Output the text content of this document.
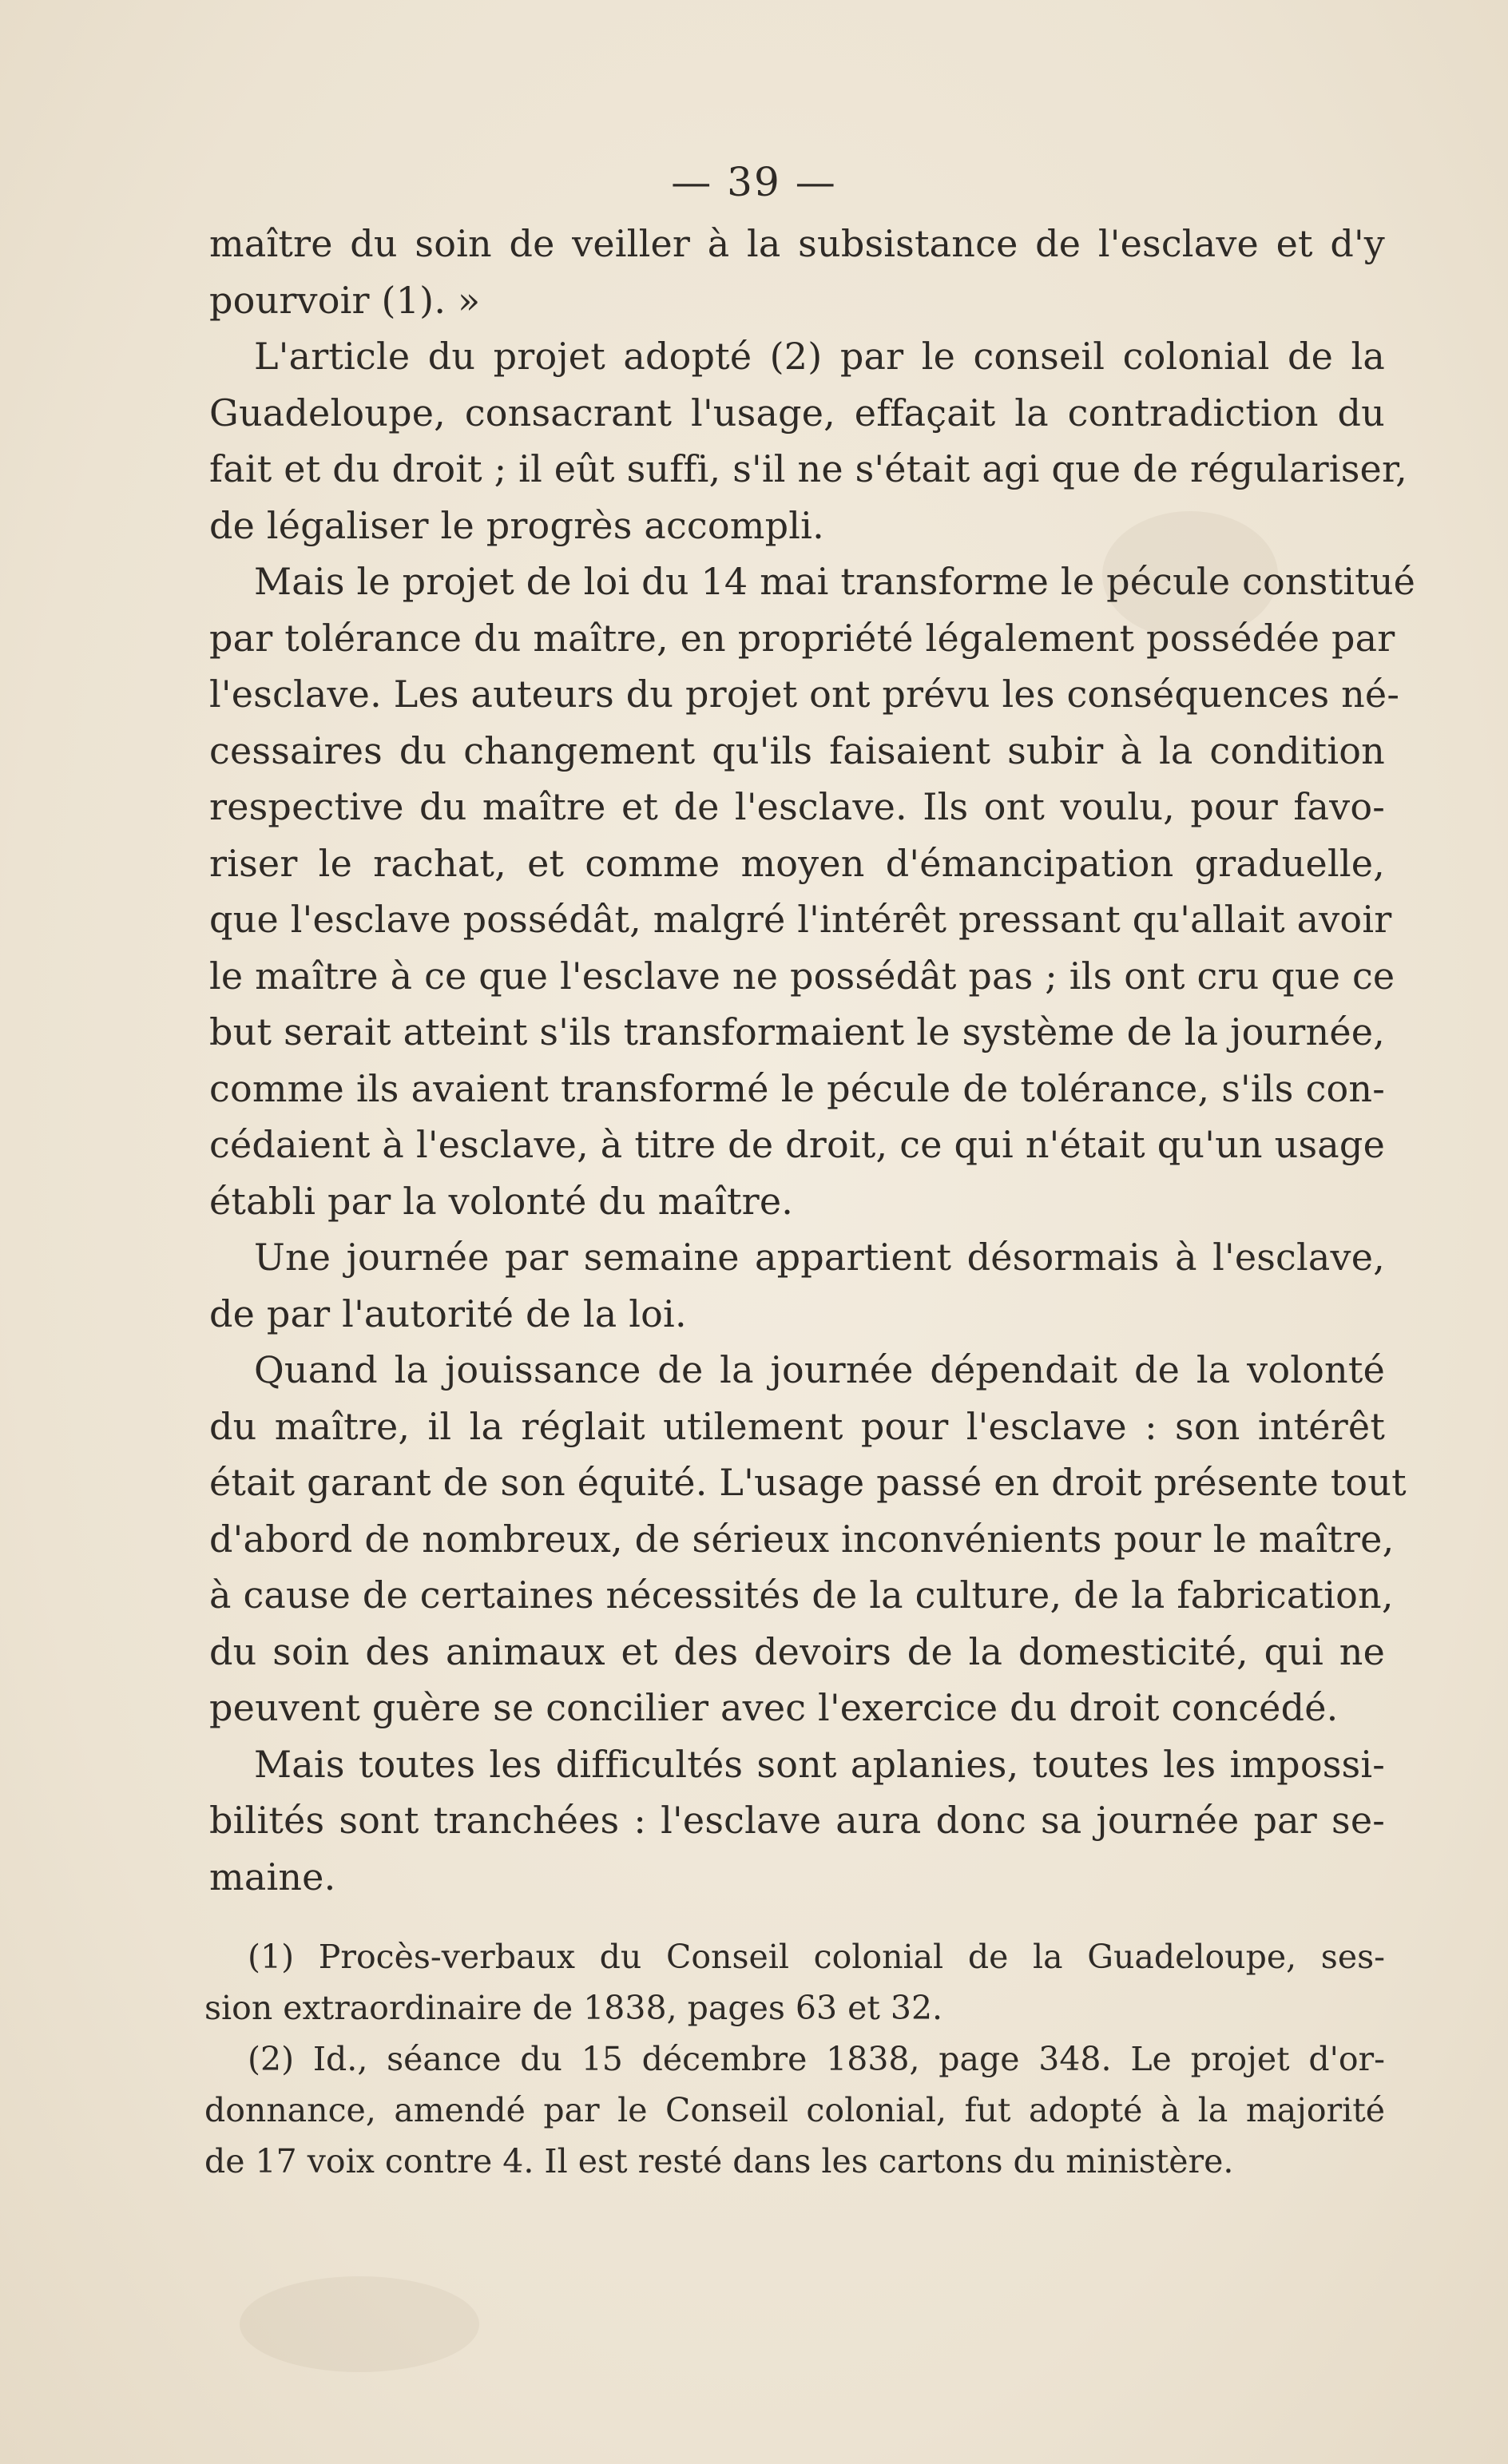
— 39 —
maître du soin de veiller à la subsistance de l'esclave et d'y
pourvoir (1). »
L'article du projet adopté (2) par le conseil colonial de la
Guadeloupe, consacrant l'usage, effaçait la contradiction du
fait et du droit ; il eût suffi, s'il ne s'était agi que de régulariser,
de légaliser le progrès accompli.
Mais le projet de loi du 14 mai transforme le pécule constitué
par tolérance du maître, en propriété légalement possédée par
l'esclave. Les auteurs du projet ont prévu les conséquences né-
cessaires du changement qu'ils faisaient subir à la condition
respective du maître et de l'esclave. Ils ont voulu, pour favo-
riser le rachat, et comme moyen d'émancipation graduelle,
que l'esclave possédât, malgré l'intérêt pressant qu'allait avoir
le maître à ce que l'esclave ne possédât pas ; ils ont cru que ce
but serait atteint s'ils transformaient le système de la journée,
comme ils avaient transformé le pécule de tolérance, s'ils con-
cédaient à l'esclave, à titre de droit, ce qui n'était qu'un usage
établi par la volonté du maître.
Une journée par semaine appartient désormais à l'esclave,
de par l'autorité de la loi.
Quand la jouissance de la journée dépendait de la volonté
du maître, il la réglait utilement pour l'esclave : son intérêt
était garant de son équité. L'usage passé en droit présente tout
d'abord de nombreux, de sérieux inconvénients pour le maître,
à cause de certaines nécessités de la culture, de la fabrication,
du soin des animaux et des devoirs de la domesticité, qui ne
peuvent guère se concilier avec l'exercice du droit concédé.
Mais toutes les difficultés sont aplanies, toutes les impossi-
bilités sont tranchées : l'esclave aura donc sa journée par se-
maine.
(1) Procès-verbaux du Conseil colonial de la Guadeloupe, ses-
sion extraordinaire de 1838, pages 63 et 32.
(2) Id., séance du 15 décembre 1838, page 348. Le projet d'or-
donnance, amendé par le Conseil colonial, fut adopté à la majorité
de 17 voix contre 4. Il est resté dans les cartons du ministère.
